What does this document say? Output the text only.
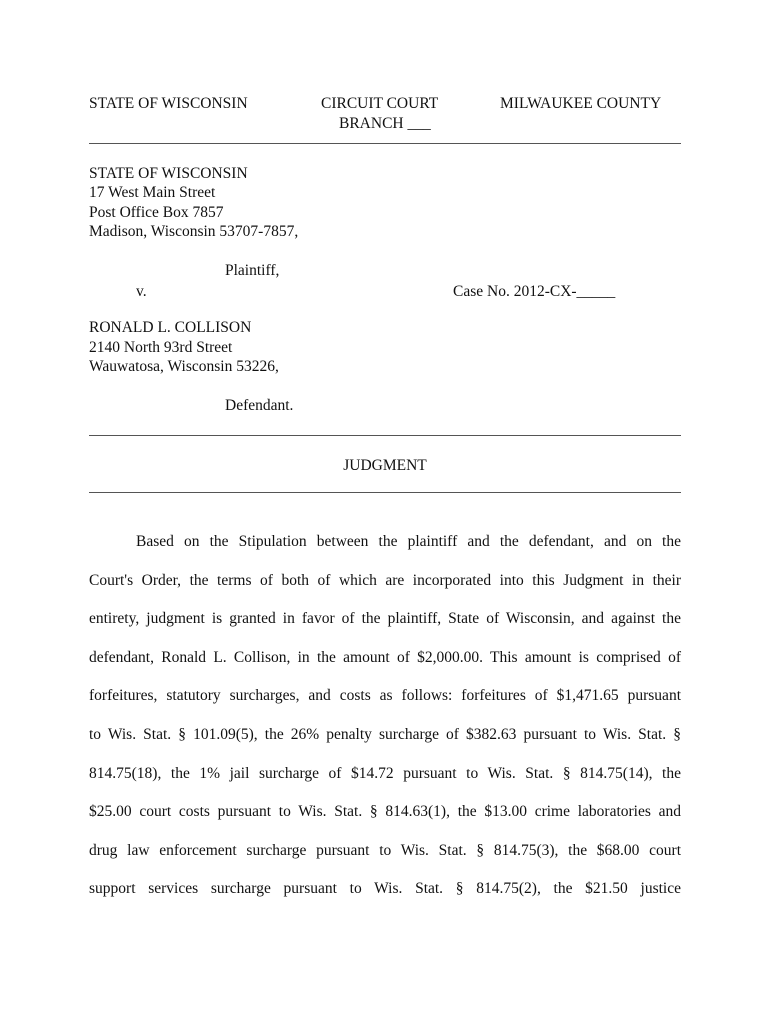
STATE OF WISCONSIN	CIRCUIT COURT
BRANCH ___
MILWAUKEE COUNTY
STATE OF WISCONSIN
17 West Main Street
Post Office Box 7857
Madison, Wisconsin 53707-7857,
Plaintiff,
v.	Case No. 2012-CX-_____
RONALD L. COLLISON
2140 North 93rd Street
Wauwatosa, Wisconsin 53226,
Defendant.
JUDGMENT
Based on the Stipulation between the plaintiff and the defendant, and on the
Court's Order, the terms of both of which are incorporated into this Judgment in their
entirety, judgment is granted in favor of the plaintiff, State of Wisconsin, and against the
defendant, Ronald L. Collison, in the amount of $2,000.00. This amount is comprised of
forfeitures, statutory surcharges, and costs as follows: forfeitures of $1,471.65 pursuant
to Wis. Stat. § 101.09(5), the 26% penalty surcharge of $382.63 pursuant to Wis. Stat. §
814.75(18), the 1% jail surcharge of $14.72 pursuant to Wis. Stat. § 814.75(14), the
$25.00 court costs pursuant to Wis. Stat. § 814.63(1), the $13.00 crime laboratories and
drug law enforcement surcharge pursuant to Wis. Stat. § 814.75(3), the $68.00 court
support services surcharge pursuant to Wis. Stat. § 814.75(2), the $21.50 justice
